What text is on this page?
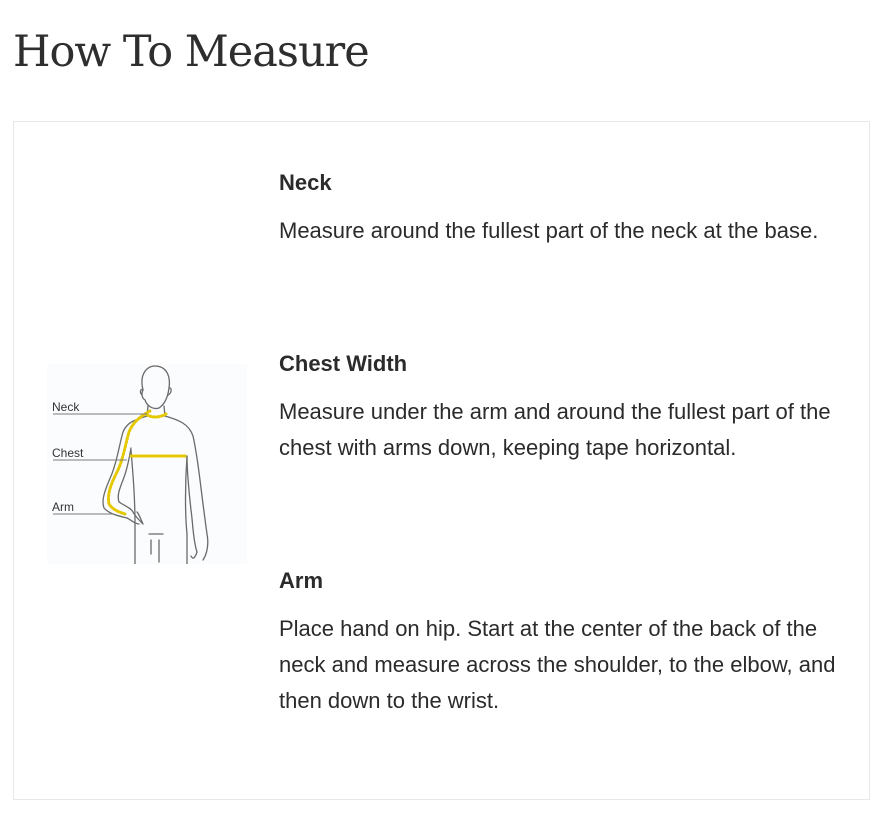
How To Measure
Neck
Chest
Arm
Neck

Measure around the fullest part of the neck at the base.

Chest Width

Measure under the arm and around the fullest part of the chest with arms down, keeping tape horizontal.

Arm

Place hand on hip. Start at the center of the back of the neck and measure across the shoulder, to the elbow, and then down to the wrist.
